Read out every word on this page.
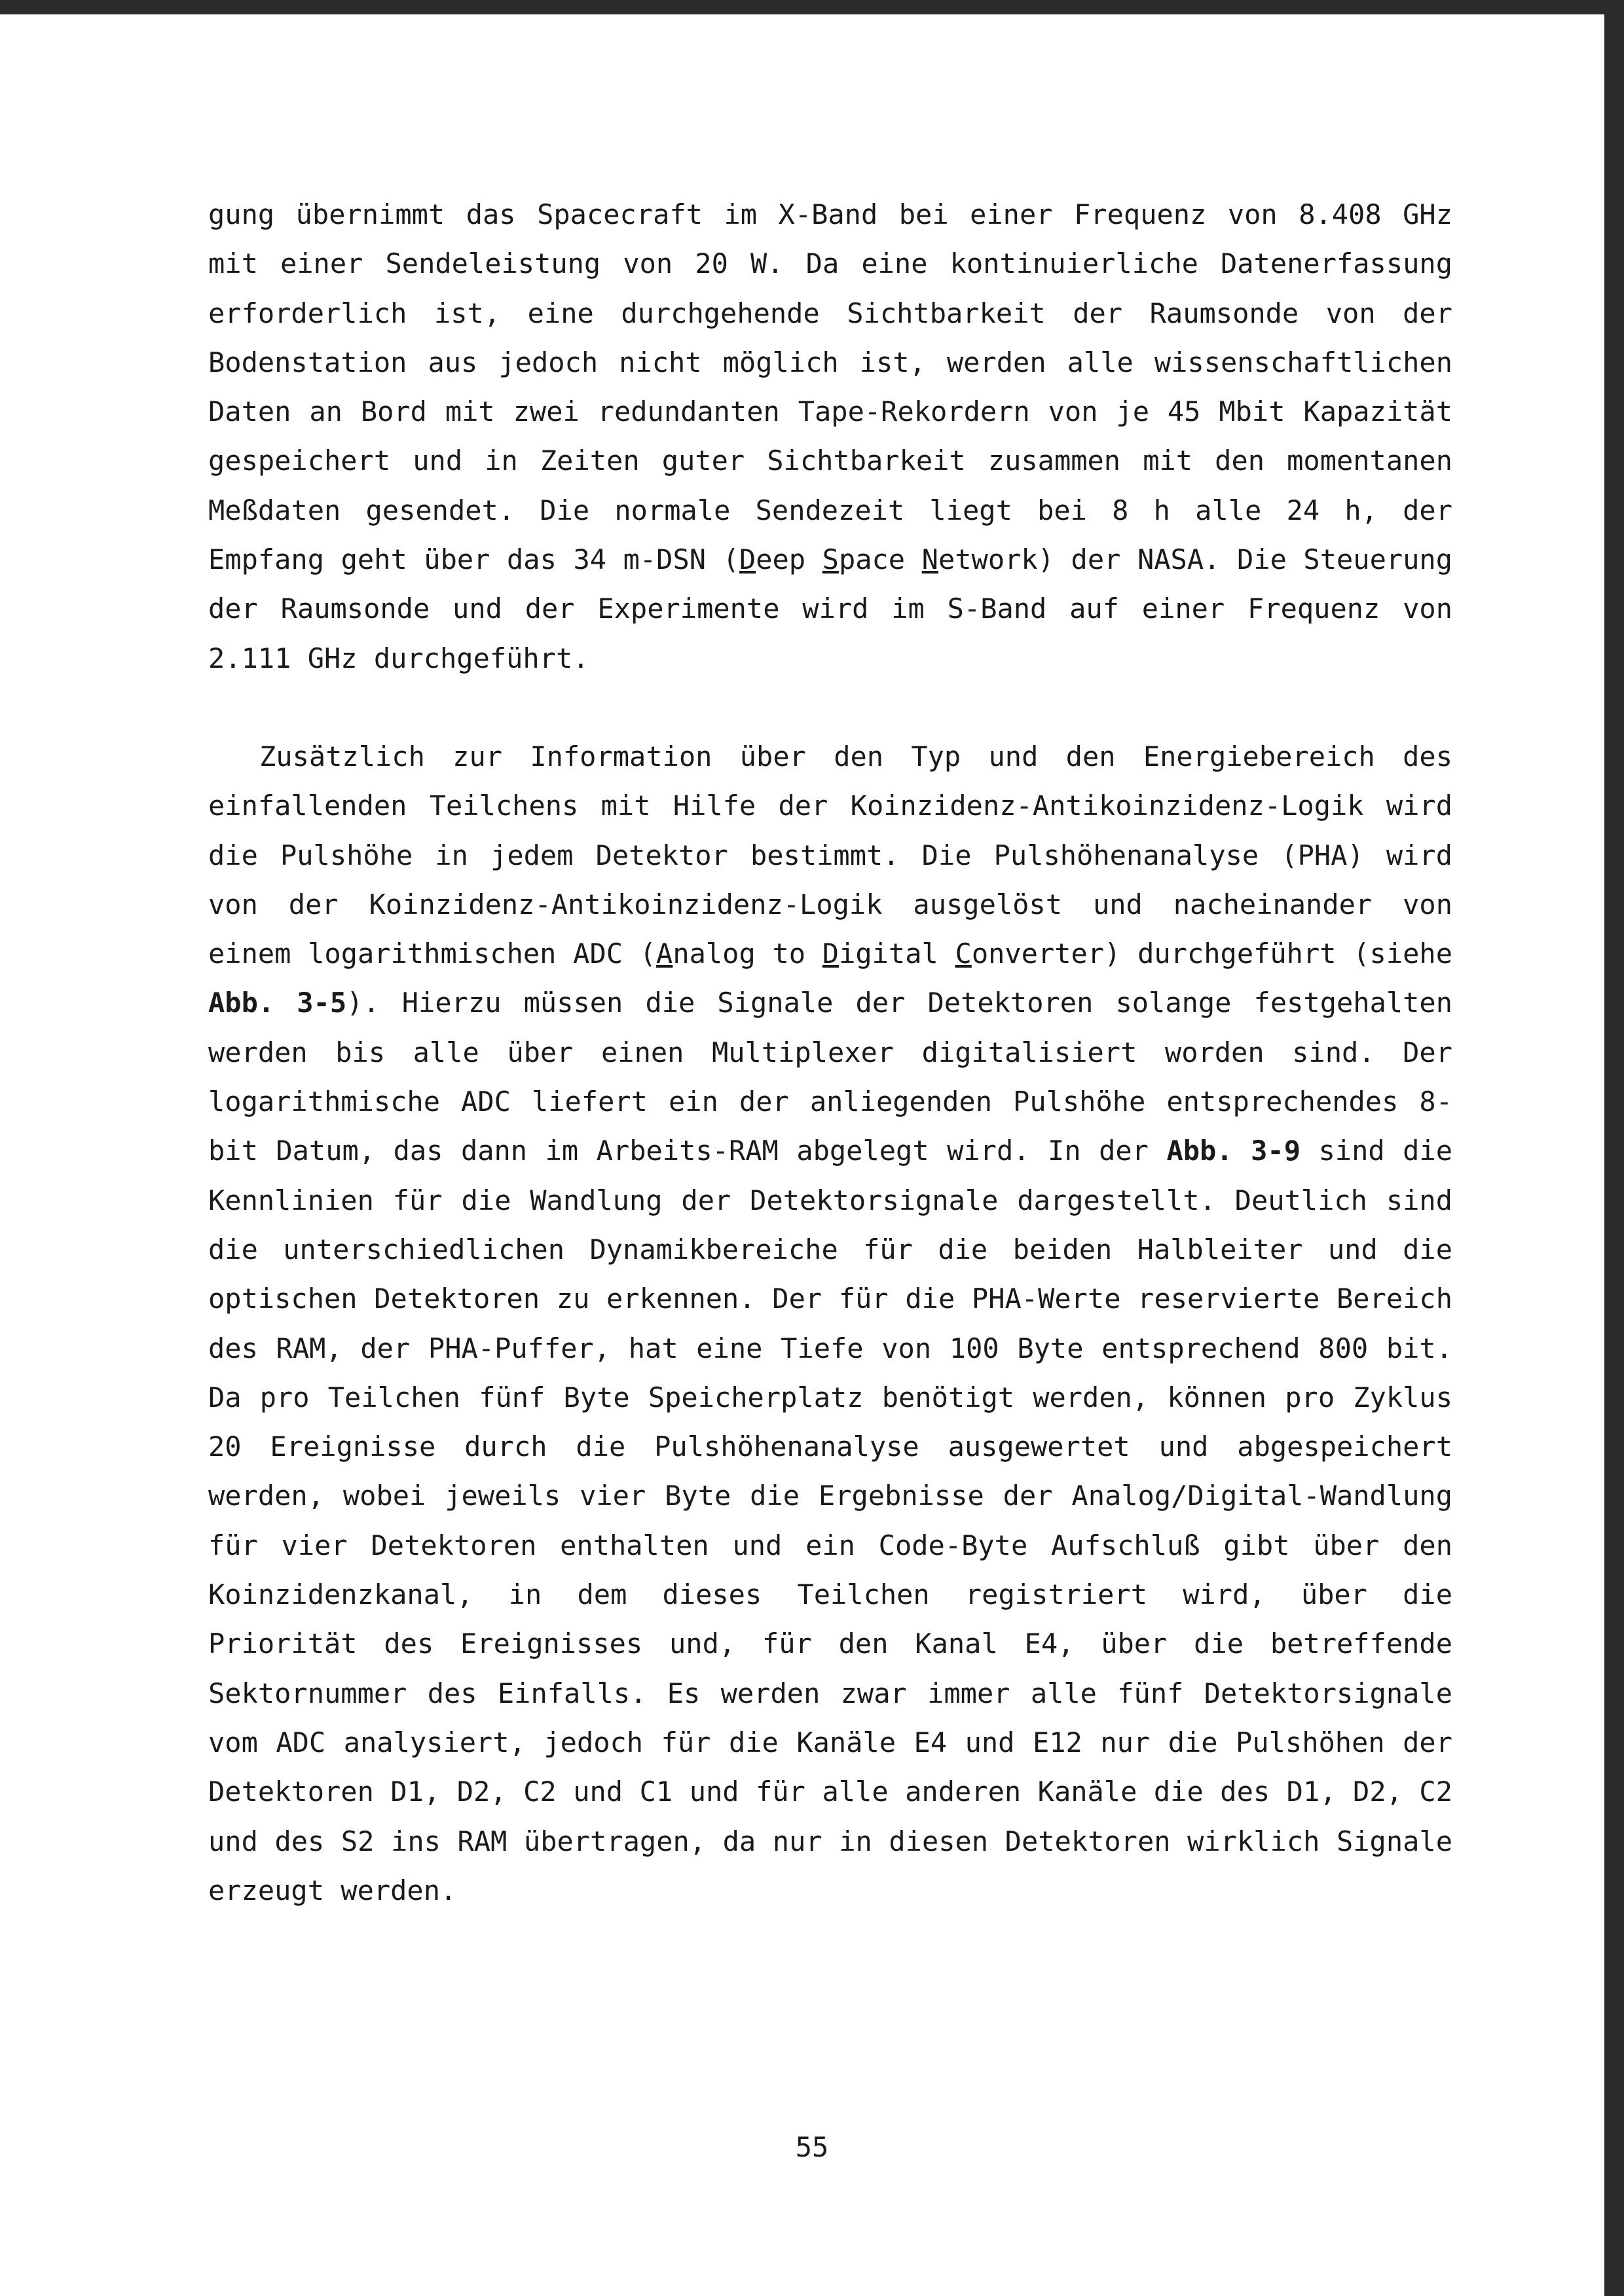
gung übernimmt das Spacecraft im X-Band bei einer Frequenz von 8.408 GHz mit einer Sendeleistung von 20 W. Da eine kontinuierliche Datenerfassung erforderlich ist, eine durchgehende Sichtbarkeit der Raumsonde von der Bodenstation aus jedoch nicht möglich ist, werden alle wissenschaftlichen Daten an Bord mit zwei redundanten Tape-Rekordern von je 45 Mbit Kapazität gespeichert und in Zeiten guter Sichtbarkeit zusammen mit den momentanen Meßdaten gesendet. Die normale Sendezeit liegt bei 8 h alle 24 h, der Empfang geht über das 34 m-DSN (Deep Space Network) der NASA. Die Steuerung der Raumsonde und der Experimente wird im S-Band auf einer Frequenz von 2.111 GHz durchgeführt.

Zusätzlich zur Information über den Typ und den Energiebereich des einfallenden Teilchens mit Hilfe der Koinzidenz-Antikoinzidenz-Logik wird die Pulshöhe in jedem Detektor bestimmt. Die Pulshöhenanalyse (PHA) wird von der Koinzidenz-Antikoinzidenz-Logik ausgelöst und nacheinander von einem logarithmischen ADC (Analog to Digital Converter) durchgeführt (siehe Abb. 3-5). Hierzu müssen die Signale der Detektoren solange festgehalten werden bis alle über einen Multiplexer digitalisiert worden sind. Der logarithmische ADC liefert ein der anliegenden Pulshöhe entsprechendes 8-bit Datum, das dann im Arbeits-RAM abgelegt wird. In der Abb. 3-9 sind die Kennlinien für die Wandlung der Detektorsignale dargestellt. Deutlich sind die unterschiedlichen Dynamikbereiche für die beiden Halbleiter und die optischen Detektoren zu erkennen. Der für die PHA-Werte reservierte Bereich des RAM, der PHA-Puffer, hat eine Tiefe von 100 Byte entsprechend 800 bit. Da pro Teilchen fünf Byte Speicherplatz benötigt werden, können pro Zyklus 20 Ereignisse durch die Pulshöhenanalyse ausgewertet und abgespeichert werden, wobei jeweils vier Byte die Ergebnisse der Analog/Digital-Wandlung für vier Detektoren enthalten und ein Code-Byte Aufschluß gibt über den Koinzidenzkanal, in dem dieses Teilchen registriert wird, über die Priorität des Ereignisses und, für den Kanal E4, über die betreffende Sektornummer des Einfalls. Es werden zwar immer alle fünf Detektorsignale vom ADC analysiert, jedoch für die Kanäle E4 und E12 nur die Pulshöhen der Detektoren D1, D2, C2 und C1 und für alle anderen Kanäle die des D1, D2, C2 und des S2 ins RAM übertragen, da nur in diesen Detektoren wirklich Signale erzeugt werden.

55
